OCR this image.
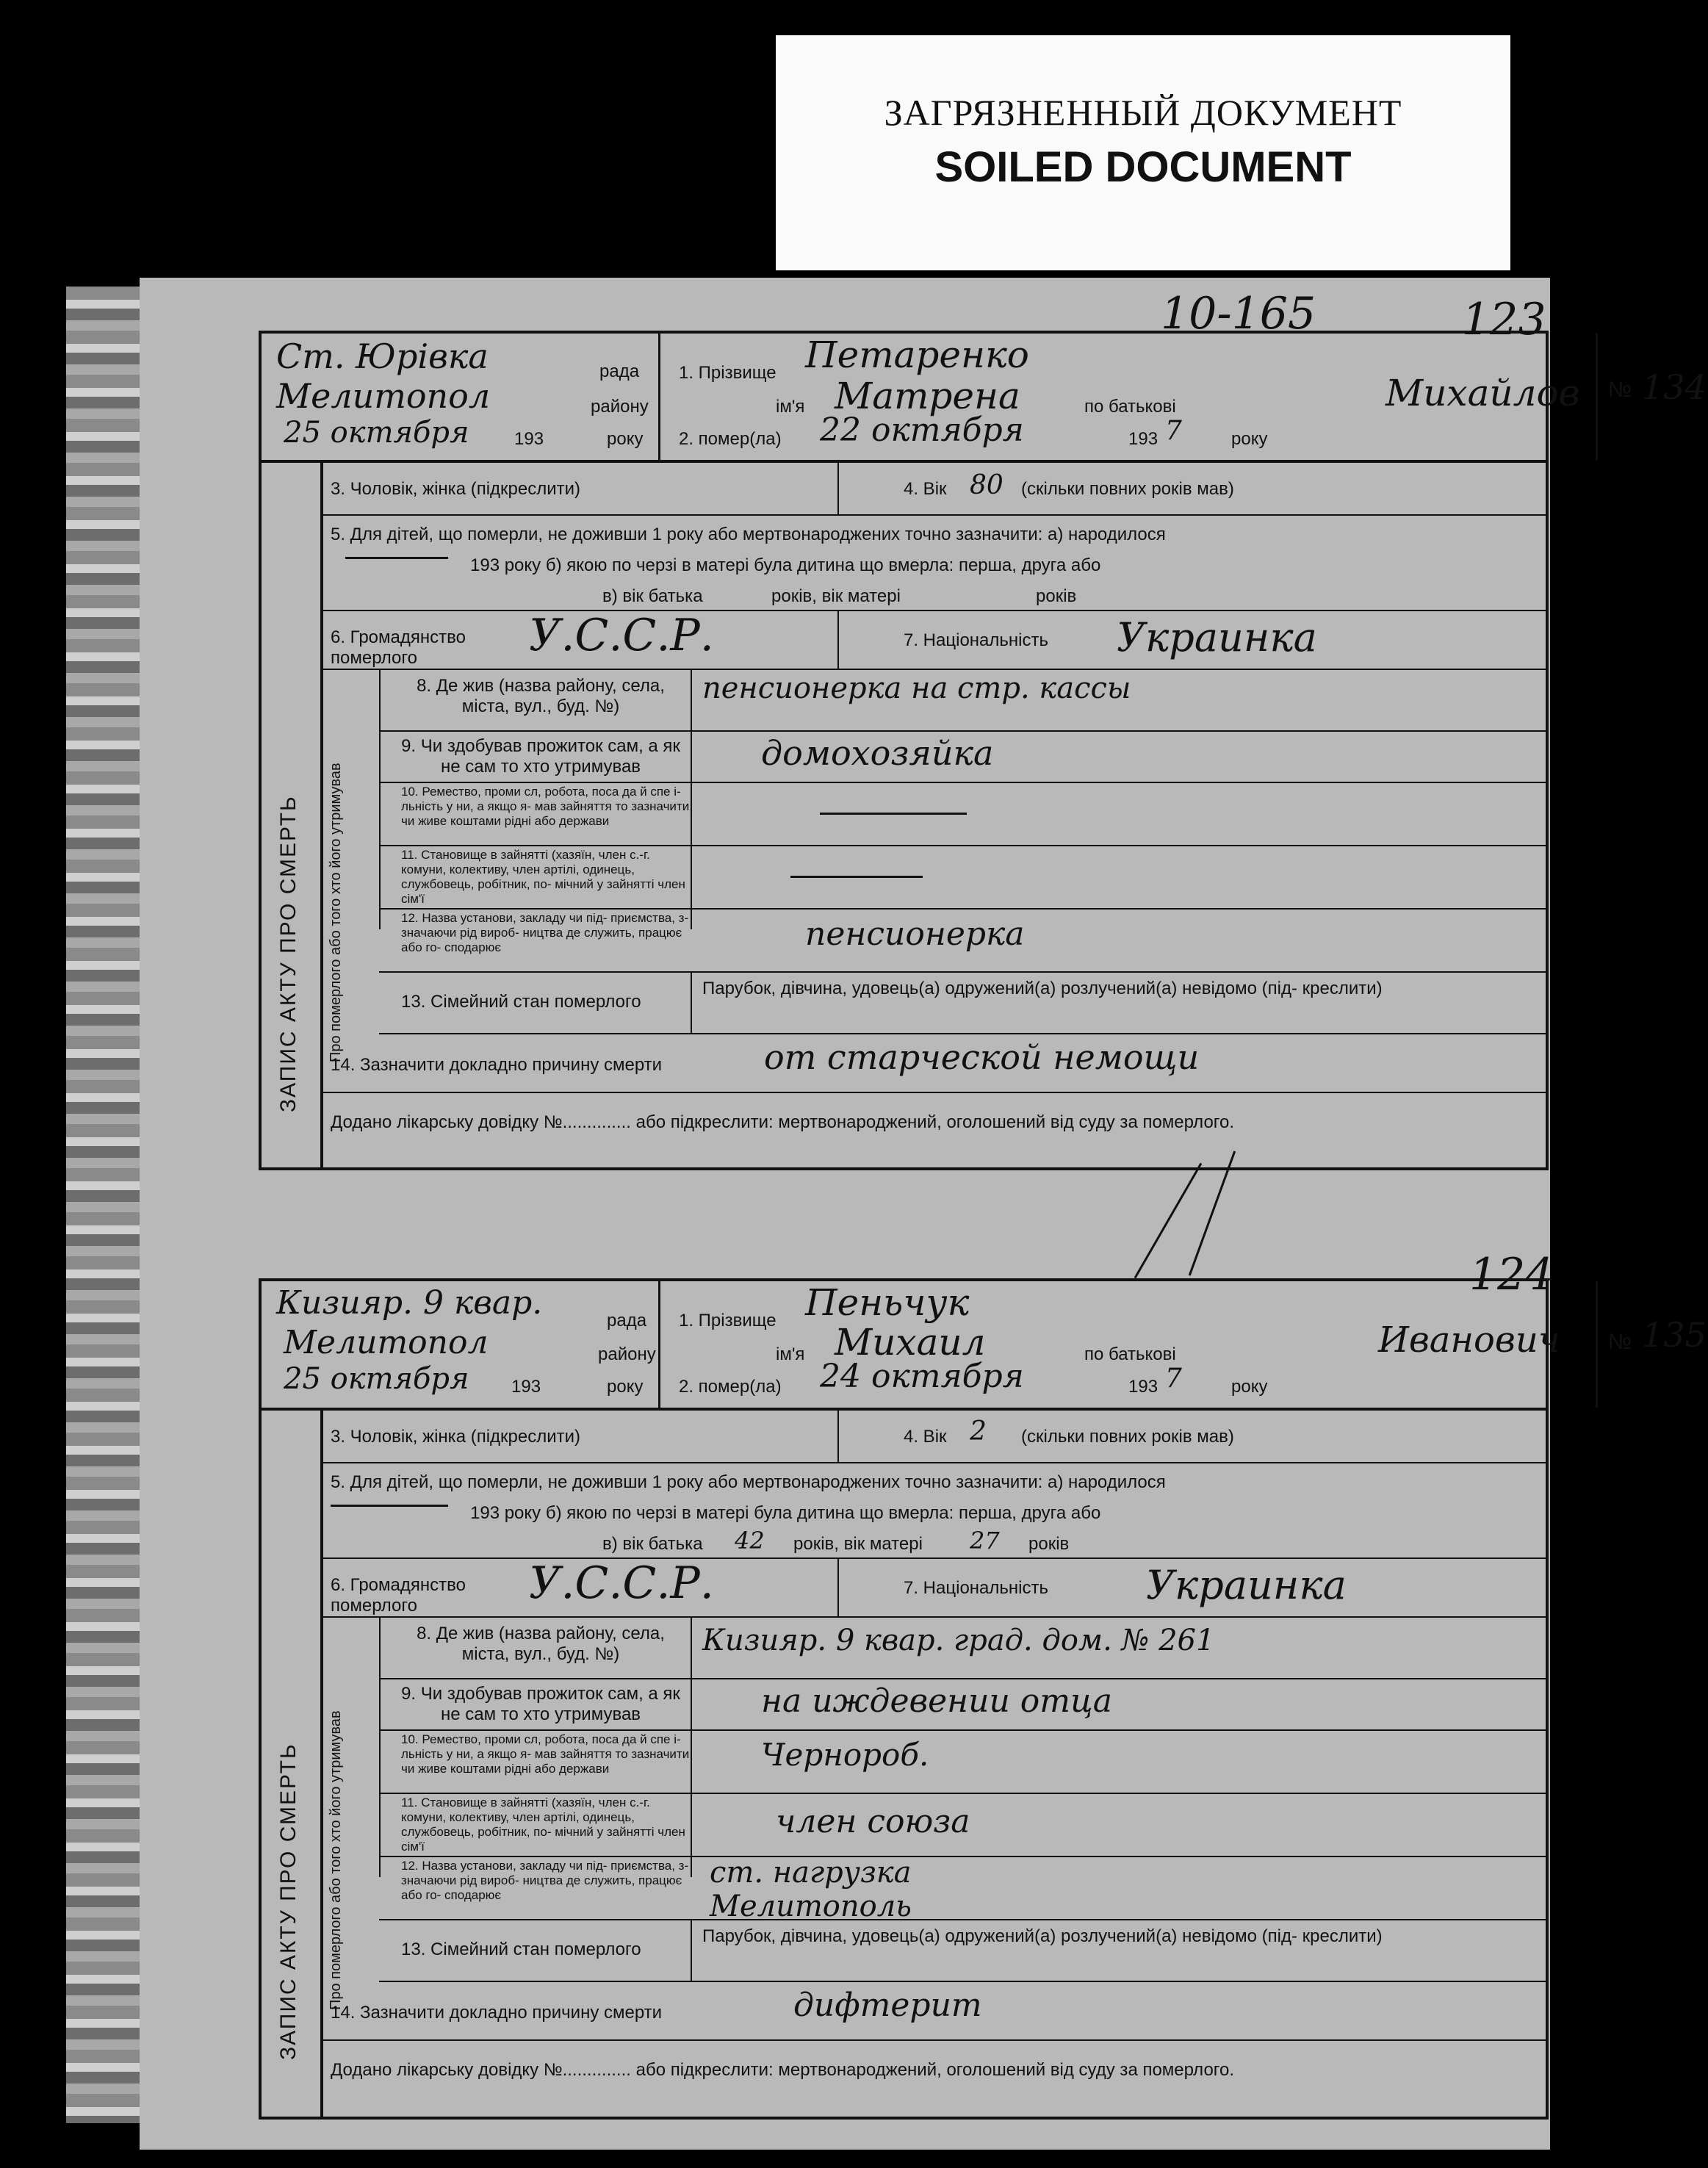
ЗАГРЯЗНЕННЫЙ ДОКУМЕНТ
SOILED DOCUMENT
10-165	123
124
Ст. Юрівка	рада
Мелитопол	району
25 октября	193	року
1. Прізвище Петаренко
ім'я Матрена	по батькові	Михайлов
2. помер(ла) 22 октября	193 7	року
№ 134
ЗАПИС АКТУ ПРО СМЕРТЬ
3. Чоловік, жінка (підкреслити)	4. Вік 80 (скільки повних років мав)
5. Для дітей, що померли, не доживши 1 року або мертвонароджених точно зазначити: а) народилося
193 року б) якою по черзі в матері була дитина що вмерла: перша, друга або
в) вік батька	років, вік матері	років
6. Громадянство померлого	У.С.С.Р.	7. Національність Украинка
Про померлого або того хто його утримував
8. Де жив (назва району, села, міста, вул., буд. №)
пенсионерка на стр. кассы
9. Чи здобував прожиток сам, а як не сам то хто утримував	домохозяйка
10. Ремество, проми сл, робота, поса да й спе і-льність у ни, а якщо я- мав зайняття то зазначити, чи живе коштами рідні або держави
11. Становище в зайнятті (хазяїн, член с.-г. комуни, колективу, член артілі, одинець, службовець, робітник, по- мічний у зайнятті член сім'ї
12. Назва установи, закладу чи під- приємства, з-значаючи рід вироб- ництва де служить, працює або го- сподарює	пенсионерка
13. Сімейний стан померлого
Парубок, дівчина, удовець(а) одружений(а) розлучений(а) невідомо (під- креслити)
14. Зазначити докладно причину смерти	от старческой немощи
Додано лікарську довідку №.............. або підкреслити: мертвонароджений, оголошений від суду за померлого.
Кизияр. 9 квар.	рада
Мелитопол	району
25 октября 193	року
1. Прізвище Пеньчук
ім'я Михаил	по батькові	Иванович
2. помер(ла) 24 октября	193 7	року
№ 135
ЗАПИС АКТУ ПРО СМЕРТЬ
3. Чоловік, жінка (підкреслити)	4. Вік 2 (скільки повних років мав)
5. Для дітей, що померли, не доживши 1 року або мертвонароджених точно зазначити: а) народилося
193 року б) якою по черзі в матері була дитина що вмерла: перша, друга або
в) вік батька 42 років, вік матері 27 років
6. Громадянство померлого	У.С.С.Р.	7. Національність Украинка
Про померлого або того хто його утримував
8. Де жив (назва району, села, міста, вул., буд. №)	Кизияр. 9 квар. град. дом. № 261
9. Чи здобував прожиток сам, а як не сам то хто утримував	на иждевении отца
10. Ремество, проми сл, робота, поса да й спе і-льність у ни, а якщо я- мав зайняття то зазначити, чи живе коштами рідні або держави	Чернороб.
11. Становище в зайнятті (хазяїн, член с.-г. комуни, колективу, член артілі, одинець, службовець, робітник, по- мічний у зайнятті член сім'ї
член союза
12. Назва установи, закладу чи під- приємства, з-значаючи рід вироб- ництва де служить, працює або го- сподарює
ст. нагрузка Мелитополь
13. Сімейний стан померлого
Парубок, дівчина, удовець(а) одружений(а) розлучений(а) невідомо (під- креслити)
14. Зазначити докладно причину смерти	дифтерит
Додано лікарську довідку №.............. або підкреслити: мертвонароджений, оголошений від суду за померлого.
